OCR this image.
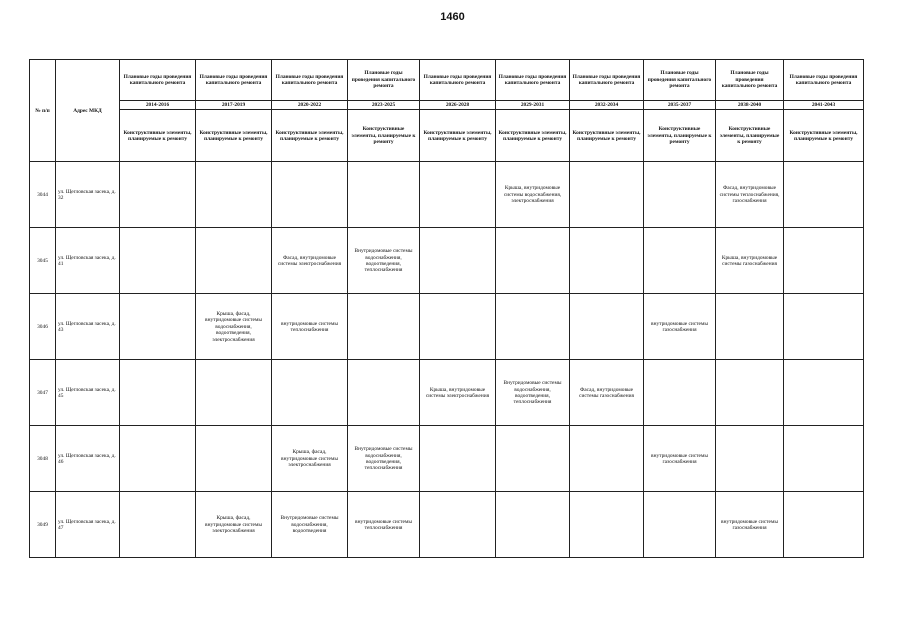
1460
№ п/п	Адрес МКД	Плановые годы проведения капитального ремонта	Плановые годы проведения капитального ремонта	Плановые годы проведения капитального ремонта	Плановые годы проведения капитального ремонта	Плановые годы проведения капитального ремонта	Плановые годы проведения капитального ремонта	Плановые годы проведения капитального ремонта	Плановые годы проведения капитального ремонта	Плановые годы проведения капитального ремонта	Плановые годы проведения капитального ремонта
		2014-2016	2017-2019	2020-2022	2023-2025	2026-2028	2029-2031	2032-2034	2035-2037	2038-2040	2041-2043
		Конструктивные элементы, планируемые к ремонту	Конструктивные элементы, планируемые к ремонту	Конструктивные элементы, планируемые к ремонту	Конструктивные элементы, планируемые к ремонту	Конструктивные элементы, планируемые к ремонту	Конструктивные элементы, планируемые к ремонту	Конструктивные элементы, планируемые к ремонту	Конструктивные элементы, планируемые к ремонту	Конструктивные элементы, планируемые к ремонту	Конструктивные элементы, планируемые к ремонту
3044	ул. Щегловская засека, д. 32						Крыша, внутридомовые системы водоснабжения, электроснабжения			Фасад, внутридомовые системы теплоснабжения, газоснабжения	
3045	ул. Щегловская засека, д. 41			Фасад, внутридомовые системы электроснабжения	Внутридомовые системы водоснабжения, водоотведения, теплоснабжения					Крыша, внутридомовые системы газоснабжения	
3046	ул. Щегловская засека, д. 43		Крыша, фасад, внутридомовые системы водоснабжения, водоотведения, электроснабжения	внутридомовые системы теплоснабжения					внутридомовые системы газоснабжения		
3047	ул. Щегловская засека, д. 45					Крыша, внутридомовые системы электроснабжения	Внутридомовые системы водоснабжения, водоотведения, теплоснабжения	Фасад, внутридомовые системы газоснабжения			
3048	ул. Щегловская засека, д. 46			Крыша, фасад, внутридомовые системы электроснабжения	Внутридомовые системы водоснабжения, водоотведения, теплоснабжения				внутридомовые системы газоснабжения		
3049	ул. Щегловская засека, д. 47		Крыша, фасад, внутридомовые системы электроснабжения	Внутридомовые системы водоснабжения, водоотведения	внутридомовые системы теплоснабжения					внутридомовые системы газоснабжения	
